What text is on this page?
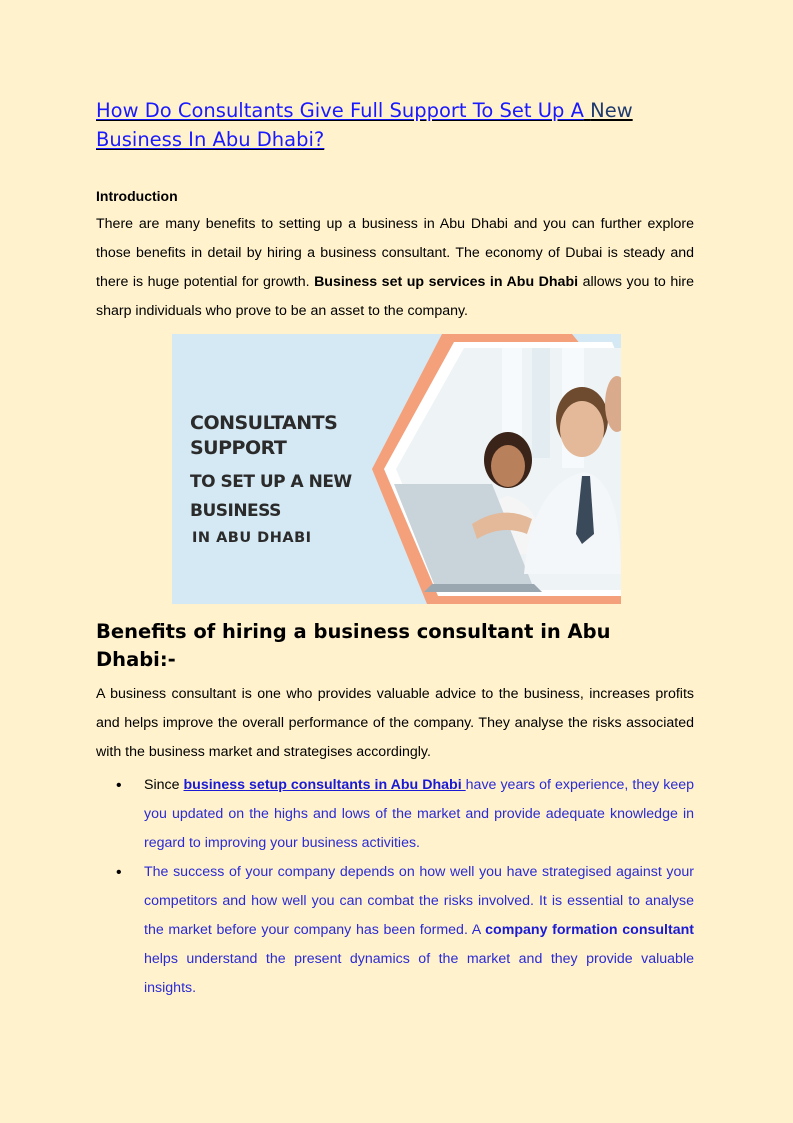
How Do Consultants Give Full Support To Set Up A New
Business In Abu Dhabi?
Introduction

There are many benefits to setting up a business in Abu Dhabi and you can further explore those benefits in detail by hiring a business consultant. The economy of Dubai is steady and there is huge potential for growth. Business set up services in Abu Dhabi allows you to hire sharp individuals who prove to be an asset to the company.

CONSULTANTS
SUPPORT
TO SET UP A NEW
BUSINESS
IN ABU DHABI
Benefits of hiring a business consultant in Abu Dhabi:-

A business consultant is one who provides valuable advice to the business, increases profits and helps improve the overall performance of the company. They analyse the risks associated with the business market and strategises accordingly.

• Since business setup consultants in Abu Dhabi have years of experience, they keep you updated on the highs and lows of the market and provide adequate knowledge in regard to improving your business activities.
• The success of your company depends on how well you have strategised against your competitors and how well you can combat the risks involved. It is essential to analyse the market before your company has been formed. A company formation consultant helps understand the present dynamics of the market and they provide valuable insights.
